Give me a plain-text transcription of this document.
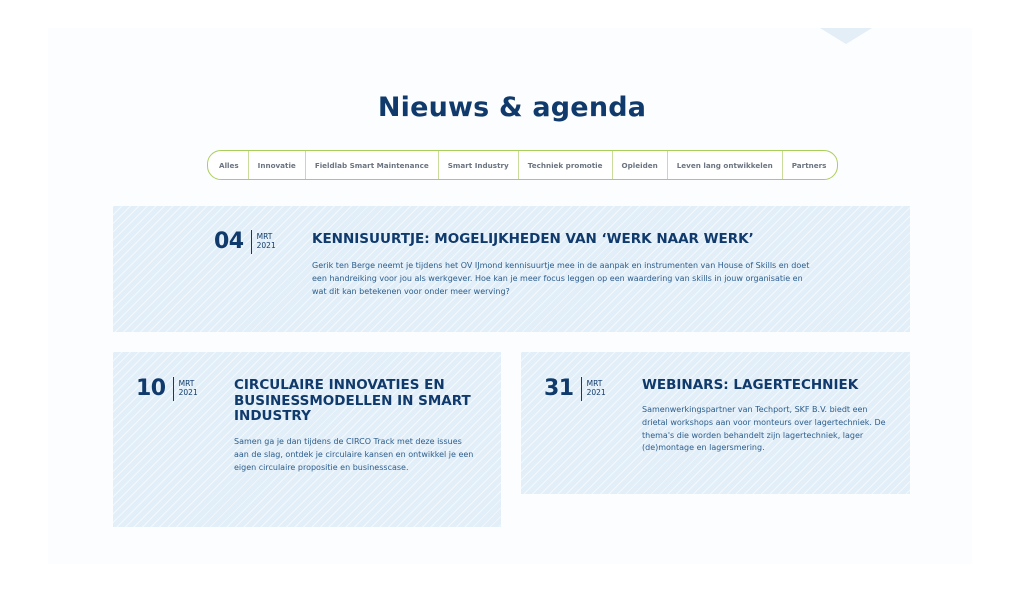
Nieuws & agenda
Alles	Innovatie	Fieldlab Smart Maintenance	Smart Industry	Techniek promotie	Opleiden	Leven lang ontwikkelen	Partners
04 MRT
2021	KENNISUURTJE: MOGELIJKHEDEN VAN ‘WERK NAAR WERK’

Gerik ten Berge neemt je tijdens het OV IJmond kennisuurtje mee in de aanpak en instrumenten van House of Skills en doet een handreiking voor jou als werkgever. Hoe kan je meer focus leggen op een waardering van skills in jouw organisatie en wat dit kan betekenen voor onder meer werving?

10 MRT
2021	CIRCULAIRE INNOVATIES EN BUSINESSMODELLEN IN SMART INDUSTRY

Samen ga je dan tijdens de CIRCO Track met deze issues aan de slag, ontdek je circulaire kansen en ontwikkel je een eigen circulaire propositie en businesscase.

31 MRT
2021	WEBINARS: LAGERTECHNIEK

Samenwerkingspartner van Techport, SKF B.V. biedt een drietal workshops aan voor monteurs over lagertechniek. De thema's die worden behandelt zijn lagertechniek, lager (de)montage en lagersmering.
